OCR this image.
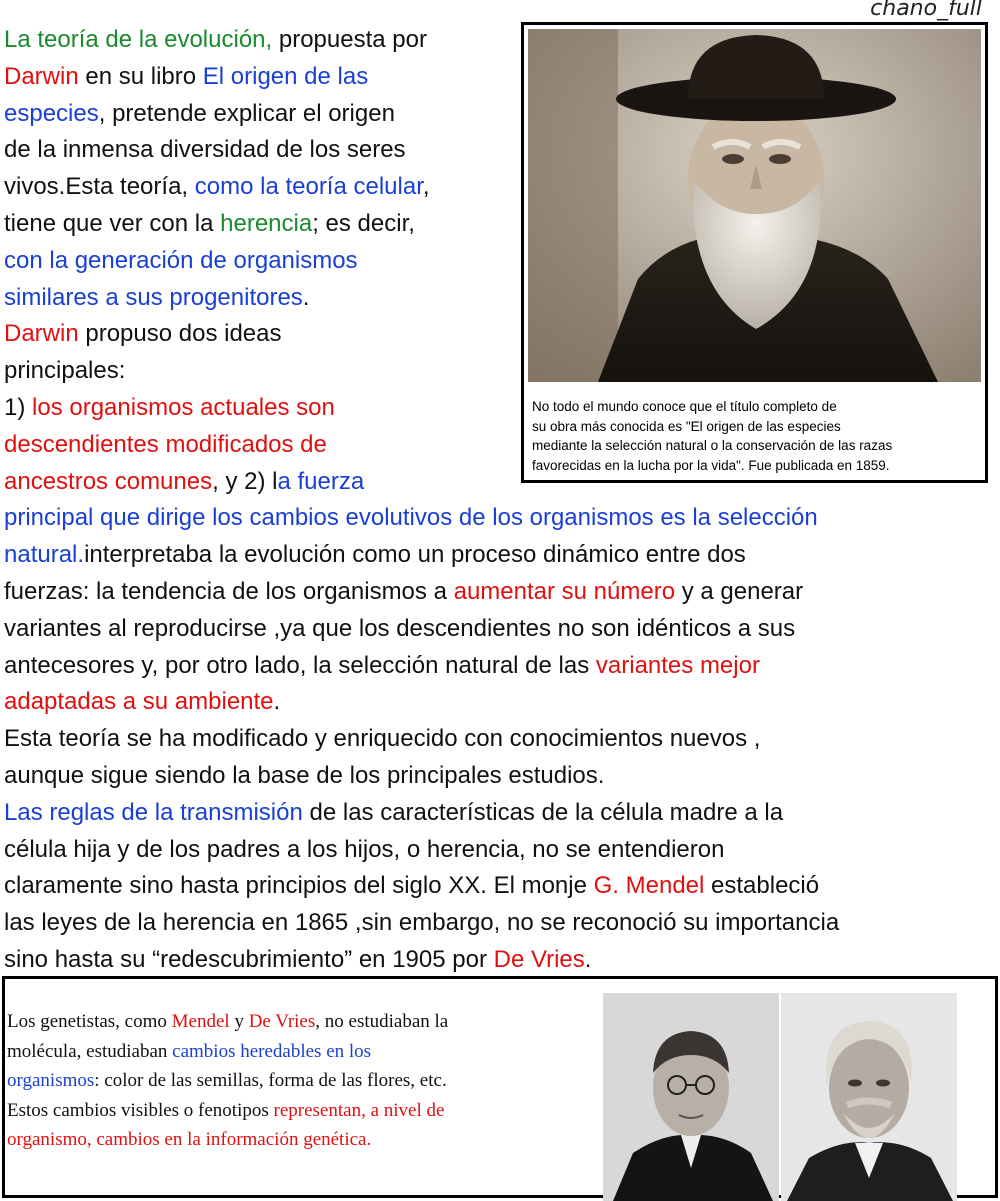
chano_full
La teoría de la evolución, propuesta por
Darwin en su libro El origen de las
especies, pretende explicar el origen
de la inmensa diversidad de los seres
vivos.Esta teoría, como la teoría celular,
tiene que ver con la herencia; es decir,
con la generación de organismos
similares a sus progenitores.
Darwin propuso dos ideas
principales:
1) los organismos actuales son
descendientes modificados de
ancestros comunes, y 2) la fuerza
principal que dirige los cambios evolutivos de los organismos es la selección
natural.interpretaba la evolución como un proceso dinámico entre dos
fuerzas: la tendencia de los organismos a aumentar su número y a generar
variantes al reproducirse ,ya que los descendientes no son idénticos a sus
antecesores y, por otro lado, la selección natural de las variantes mejor
adaptadas a su ambiente.
Esta teoría se ha modificado y enriquecido con conocimientos nuevos ,
aunque sigue siendo la base de los principales estudios.
Las reglas de la transmisión de las características de la célula madre a la
célula hija y de los padres a los hijos, o herencia, no se entendieron
claramente sino hasta principios del siglo XX. El monje G. Mendel estableció
las leyes de la herencia en 1865 ,sin embargo, no se reconoció su importancia
sino hasta su “redescubrimiento” en 1905 por De Vries.
No todo el mundo conoce que el título completo de
su obra más conocida es "El origen de las especies
mediante la selección natural o la conservación de las razas
favorecidas en la lucha por la vida". Fue publicada en 1859.
Los genetistas, como Mendel y De Vries, no estudiaban la
molécula, estudiaban cambios heredables en los
organismos: color de las semillas, forma de las flores, etc.
Estos cambios visibles o fenotipos representan, a nivel de
organismo, cambios en la información genética.
